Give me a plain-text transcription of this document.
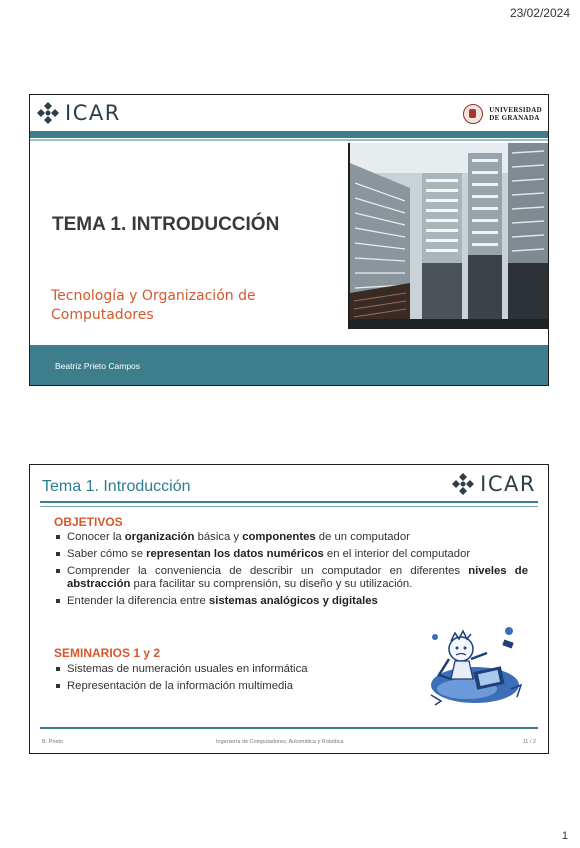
23/02/2024
ICAR	UNIVERSIDAD
DE GRANADA
TEMA 1. INTRODUCCIÓN
Tecnología y Organización de
Computadores
Beatriz Prieto Campos
Tema 1. Introducción	ICAR
OBJETIVOS
Conocer la organización básica y componentes de un computador
Saber cómo se representan los datos numéricos en el interior del computador
Comprender la conveniencia de describir un computador en diferentes niveles de abstracción para facilitar su comprensión, su diseño y su utilización.
Entender la diferencia entre sistemas analógicos y digitales
SEMINARIOS 1 y 2
Sistemas de numeración usuales en informática
Representación de la información multimedia
B. Prieto	Ingeniería de Computadores, Automática y Robótica	11 / 2
1
